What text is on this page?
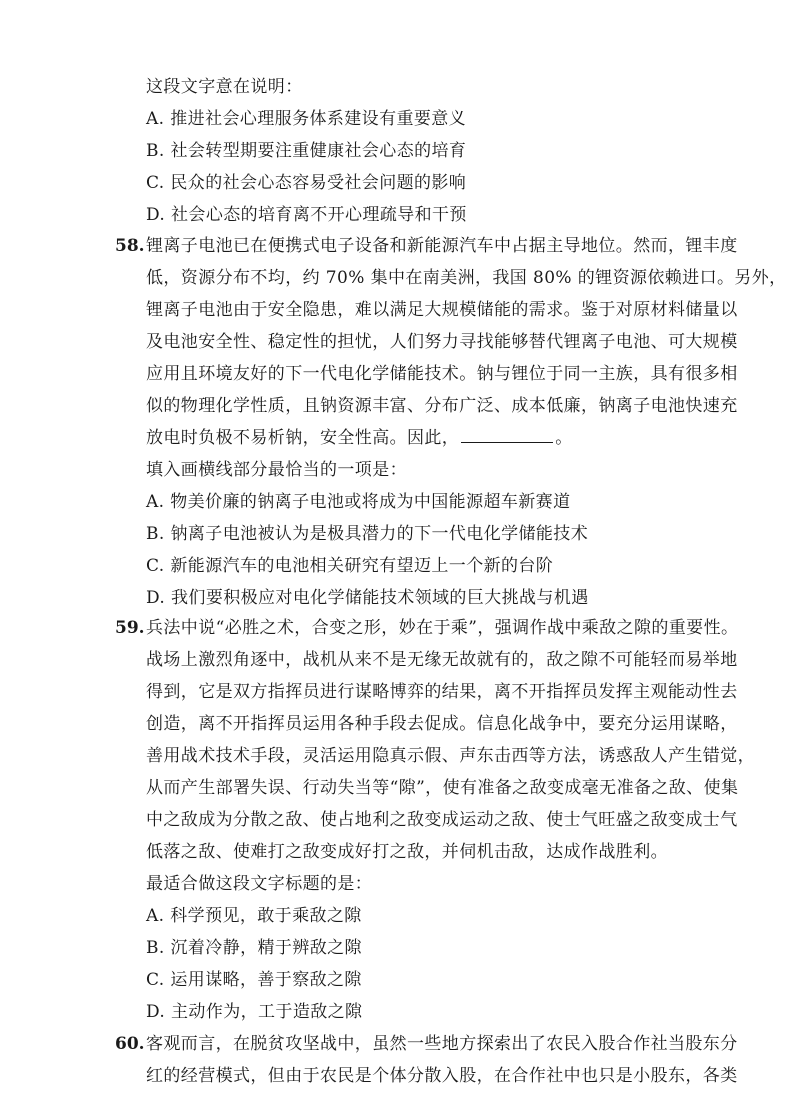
这段文字意在说明：
A. 推进社会心理服务体系建设有重要意义
B. 社会转型期要注重健康社会心态的培育
C. 民众的社会心态容易受社会问题的影响
D. 社会心态的培育离不开心理疏导和干预
58. 锂离子电池已在便携式电子设备和新能源汽车中占据主导地位。然而，锂丰度
低，资源分布不均，约 70% 集中在南美洲，我国 80% 的锂资源依赖进口。另外，
锂离子电池由于安全隐患，难以满足大规模储能的需求。鉴于对原材料储量以
及电池安全性、稳定性的担忧，人们努力寻找能够替代锂离子电池、可大规模
应用且环境友好的下一代电化学储能技术。钠与锂位于同一主族，具有很多相
似的物理化学性质，且钠资源丰富、分布广泛、成本低廉，钠离子电池快速充
放电时负极不易析钠，安全性高。因此，	。
填入画横线部分最恰当的一项是：
A. 物美价廉的钠离子电池或将成为中国能源超车新赛道
B. 钠离子电池被认为是极具潜力的下一代电化学储能技术
C. 新能源汽车的电池相关研究有望迈上一个新的台阶
D. 我们要积极应对电化学储能技术领域的巨大挑战与机遇
59. 兵法中说“必胜之术，合变之形，妙在于乘”，强调作战中乘敌之隙的重要性。
战场上激烈角逐中，战机从来不是无缘无故就有的，敌之隙不可能轻而易举地
得到，它是双方指挥员进行谋略博弈的结果，离不开指挥员发挥主观能动性去
创造，离不开指挥员运用各种手段去促成。信息化战争中，要充分运用谋略，
善用战术技术手段，灵活运用隐真示假、声东击西等方法，诱惑敌人产生错觉，
从而产生部署失误、行动失当等“隙”，使有准备之敌变成毫无准备之敌、使集
中之敌成为分散之敌、使占地利之敌变成运动之敌、使士气旺盛之敌变成士气
低落之敌、使难打之敌变成好打之敌，并伺机击敌，达成作战胜利。
最适合做这段文字标题的是：
A. 科学预见，敢于乘敌之隙
B. 沉着冷静，精于辨敌之隙
C. 运用谋略，善于察敌之隙
D. 主动作为，工于造敌之隙
60. 客观而言，在脱贫攻坚战中，虽然一些地方探索出了农民入股合作社当股东分
红的经营模式，但由于农民是个体分散入股，在合作社中也只是小股东，各类
